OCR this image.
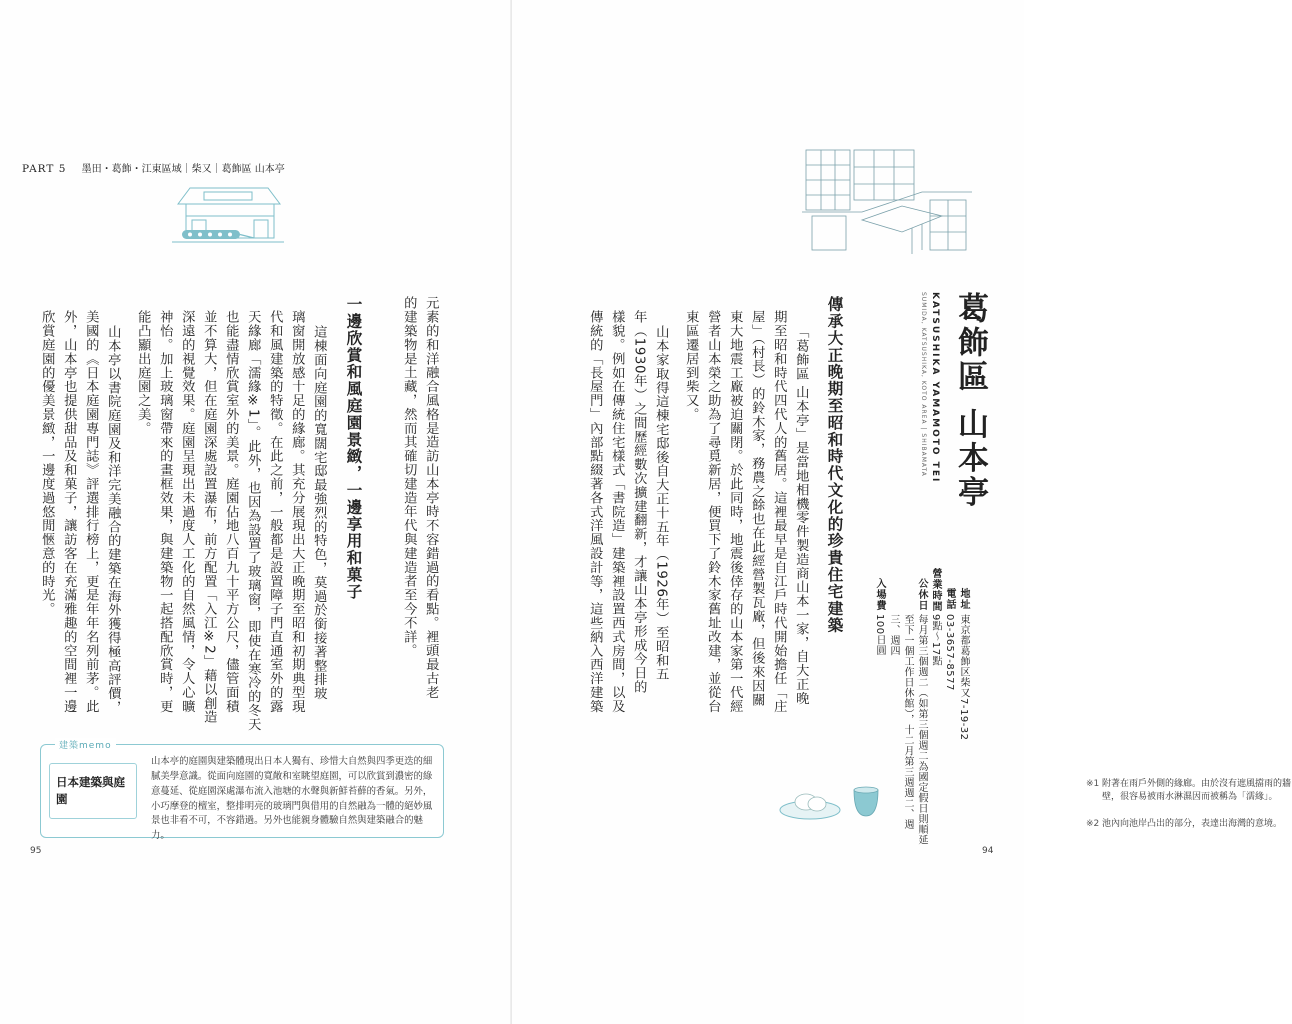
PART 5 墨田・葛飾・江東區域｜柴又｜葛飾區 山本亭
元素的和洋融合風格是造訪山本亭時不容錯過的看點。裡頭最古老
的建築物是土藏，然而其確切建造年代與建造者至今不詳。
一邊欣賞和風庭園景緻，一邊享用和菓子
這棟面向庭園的寬闊宅邸最強烈的特色，莫過於銜接著整排玻
璃窗開放感十足的緣廊。其充分展現出大正晚期至昭和初期典型現
代和風建築的特徵。在此之前，一般都是設置障子門直通室外的露
天緣廊「濡緣※1」。此外，也因為設置了玻璃窗，即使在寒冷的冬天
也能盡情欣賞室外的美景。庭園佔地八百九十平方公尺，儘管面積
並不算大，但在庭園深處設置瀑布，前方配置「入江※2」藉以創造
深遠的視覺效果。庭園呈現出未過度人工化的自然風情，令人心曠
神怡。加上玻璃窗帶來的畫框效果，與建築物一起搭配欣賞時，更
能凸顯出庭園之美。
山本亭以書院庭園及和洋完美融合的建築在海外獲得極高評價，
美國的《日本庭園專門誌》評選排行榜上，更是年年名列前茅。此
外，山本亭也提供甜品及和菓子，讓訪客在充滿雅趣的空間裡一邊
欣賞庭園的優美景緻，一邊度過悠閒愜意的時光。
建築memo
日本建築與庭園
山本亭的庭園與建築體現出日本人獨有、珍惜大自然與四季更迭的細膩美學意識。從面向庭園的寬敞和室眺望庭園，可以欣賞到濃密的綠意蔓延、從庭園深處瀑布流入池塘的水聲與新鮮苔蘚的香氣。另外，小巧摩登的檀室，整排明亮的玻璃門與借用的自然融為一體的絕妙風景也非看不可，不容錯過。另外也能親身體驗自然與建築融合的魅力。
95
葛飾區 山本亭
KATSUSHIKA YAMAMOTO TEI
SUMIDA, KATSUSHIKA, KOTO AREA | SHIBAMATA
地址
東京都葛飾区柴又7-19-32
電話
03-3657-8577
營業時間
9點～17點
公休日
每月第三個週二（如第三個週二為國定假日則順延
至下一個工作日休館），十二月第三週週二、週
三、週四
入場費
100日圓
傳承大正晚期至昭和時代文化的珍貴住宅建築
「葛飾區 山本亭」是當地相機零件製造商山本一家，自大正晚
期至昭和時代四代人的舊居。這裡最早是自江戶時代開始擔任「庄
屋」（村長）的鈴木家，務農之餘也在此經營製瓦廠，但後來因關
東大地震工廠被迫關閉。於此同時，地震後倖存的山本家第一代經
營者山本榮之助為了尋覓新居，便買下了鈴木家舊址改建，並從台
東區遷居到柴又。
山本家取得這棟宅邸後自大正十五年（1926年）至昭和五
年（1930年）之間歷經數次擴建翻新，才讓山本亭形成今日的
樣貌。例如在傳統住宅樣式「書院造」建築裡設置西式房間，以及
傳統的「長屋門」內部點綴著各式洋風設計等，這些納入西洋建築
※1 附著在雨戶外側的緣廊。由於沒有遮風擋雨的牆壁，很容易被雨水淋濕因而被稱為「濡緣」。
※2 池內向池岸凸出的部分，表達出海灣的意境。
94
